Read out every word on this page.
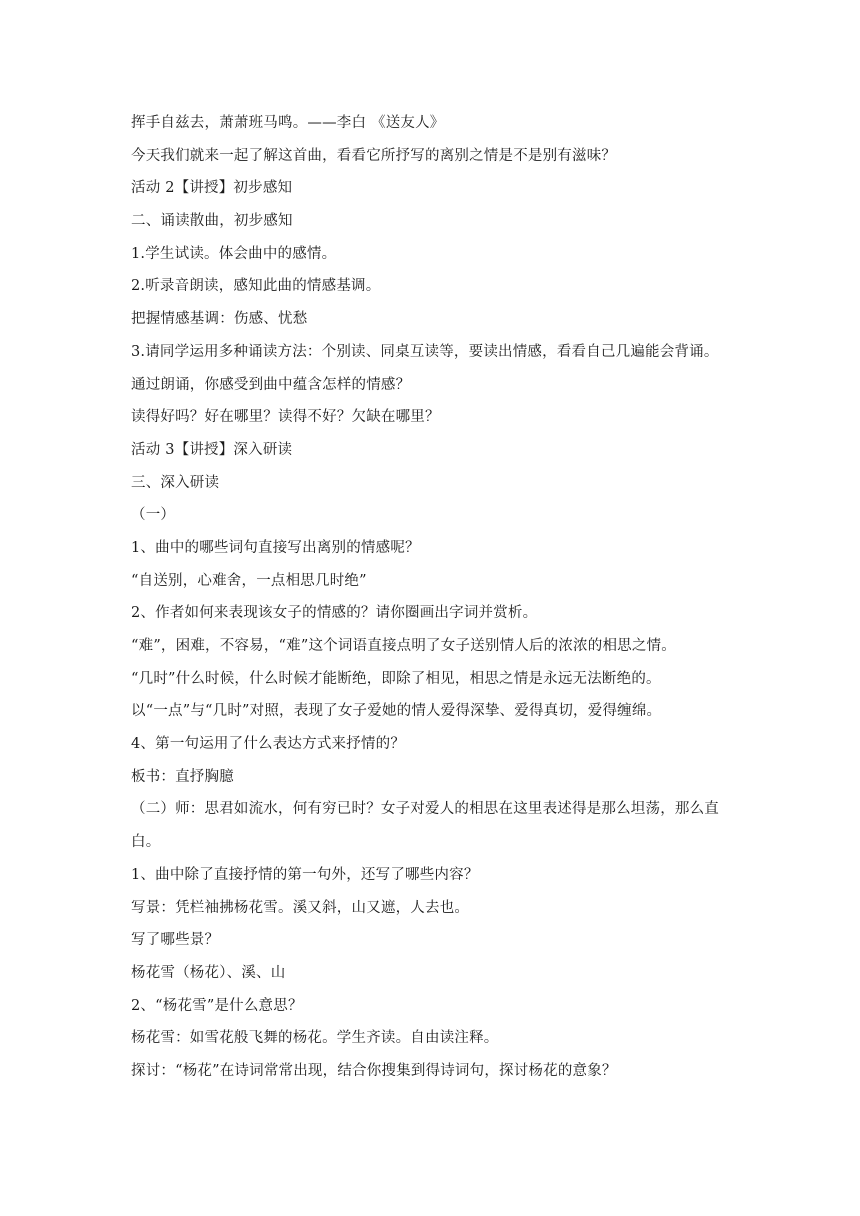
挥手自兹去，萧萧班马鸣。——李白 《送友人》
今天我们就来一起了解这首曲，看看它所抒写的离别之情是不是别有滋味？
活动 2【讲授】初步感知
二、诵读散曲，初步感知
1.学生试读。体会曲中的感情。
2.听录音朗读，感知此曲的情感基调。
把握情感基调：伤感、忧愁
3.请同学运用多种诵读方法：个别读、同桌互读等，要读出情感，看看自己几遍能会背诵。
通过朗诵，你感受到曲中蕴含怎样的情感？
读得好吗？好在哪里？读得不好？欠缺在哪里？
活动 3【讲授】深入研读
三、深入研读
（一）
1、曲中的哪些词句直接写出离别的情感呢？
“自送别，心难舍，一点相思几时绝”
2、作者如何来表现该女子的情感的？请你圈画出字词并赏析。
“难”，困难，不容易，“难”这个词语直接点明了女子送别情人后的浓浓的相思之情。
“几时”什么时候，什么时候才能断绝，即除了相见，相思之情是永远无法断绝的。
以“一点”与“几时”对照，表现了女子爱她的情人爱得深挚、爱得真切，爱得缠绵。
4、第一句运用了什么表达方式来抒情的？
板书：直抒胸臆
（二）师：思君如流水，何有穷已时？女子对爱人的相思在这里表述得是那么坦荡，那么直
白。
1、曲中除了直接抒情的第一句外，还写了哪些内容？
写景：凭栏袖拂杨花雪。溪又斜，山又遮，人去也。
写了哪些景？
杨花雪（杨花）、溪、山
2、“杨花雪”是什么意思？
杨花雪：如雪花般飞舞的杨花。学生齐读。自由读注释。
探讨：“杨花”在诗词常常出现，结合你搜集到得诗词句，探讨杨花的意象？
